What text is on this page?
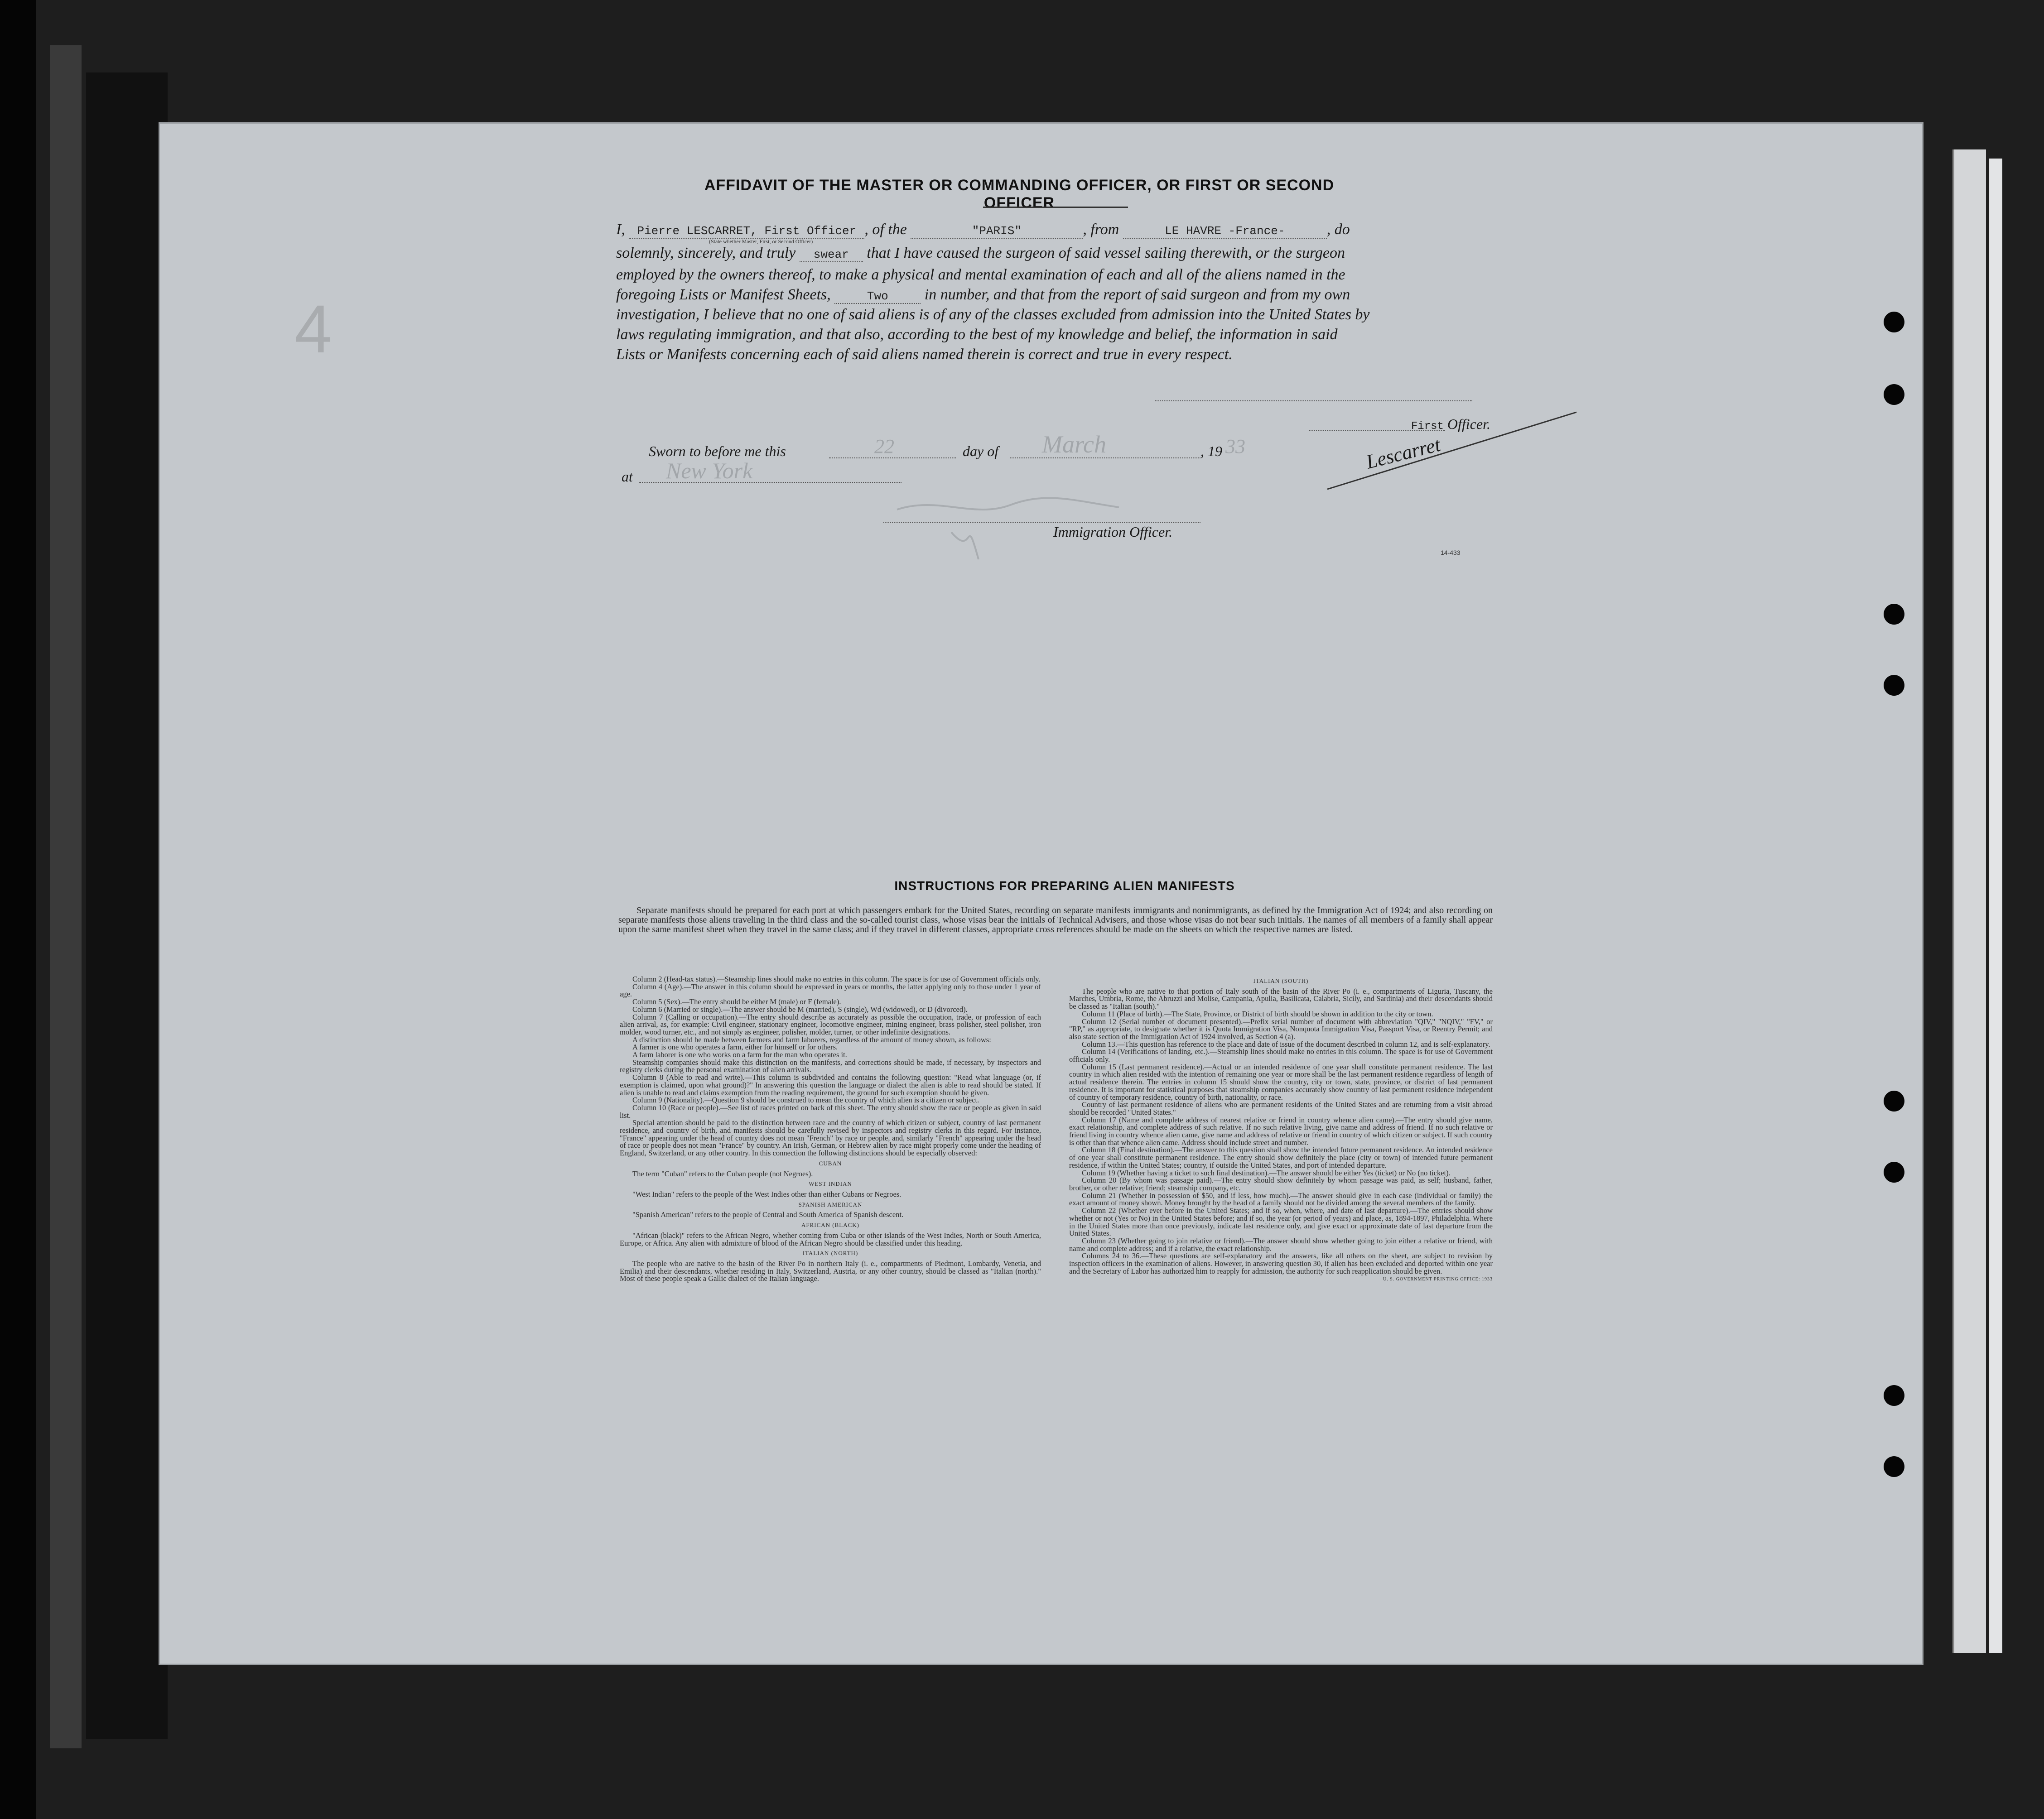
4
AFFIDAVIT OF THE MASTER OR COMMANDING OFFICER, OR FIRST OR SECOND OFFICER
I, Pierre LESCARRET, First Officer , of the	"PARIS"	, from	LE HAVRE -France-	, do
(State whether Master, First, or Second Officer)
solemnly, sincerely, and truly swear that I have caused the surgeon of said vessel sailing therewith, or the surgeon
employed by the owners thereof, to make a physical and mental examination of each and all of the aliens named in the
foregoing Lists or Manifest Sheets,	Two in number, and that from the report of said surgeon and from my own
investigation, I believe that no one of said aliens is of any of the classes excluded from admission into the United States by
laws regulating immigration, and that also, according to the best of my knowledge and belief, the information in said
Lists or Manifests concerning each of said aliens named therein is correct and true in every respect.
First Officer.
Lescarret
Sworn to before me this	22	day of March	, 19 33
at New York
Immigration Officer.
14-433
INSTRUCTIONS FOR PREPARING ALIEN MANIFESTS
Separate manifests should be prepared for each port at which passengers embark for the United States, recording on separate manifests immigrants and nonimmigrants, as defined by the Immigration Act of 1924; and also recording on separate manifests those aliens traveling in the third class and the so-called tourist class, whose visas bear the initials of Technical Advisers, and those whose visas do not bear such initials. The names of all members of a family shall appear upon the same manifest sheet when they travel in the same class; and if they travel in different classes, appropriate cross references should be made on the sheets on which the respective names are listed.

Column 2 (Head-tax status).—Steamship lines should make no entries in this column. The space is for use of Government officials only.

Column 4 (Age).—The answer in this column should be expressed in years or months, the latter applying only to those under 1 year of age.

Column 5 (Sex).—The entry should be either M (male) or F (female).

Column 6 (Married or single).—The answer should be M (married), S (single), Wd (widowed), or D (divorced).

Column 7 (Calling or occupation).—The entry should describe as accurately as possible the occupation, trade, or profession of each alien arrival, as, for example: Civil engineer, stationary engineer, locomotive engineer, mining engineer, brass polisher, steel polisher, iron molder, wood turner, etc., and not simply as engineer, polisher, molder, turner, or other indefinite designations.

A distinction should be made between farmers and farm laborers, regardless of the amount of money shown, as follows:

A farmer is one who operates a farm, either for himself or for others.

A farm laborer is one who works on a farm for the man who operates it.

Steamship companies should make this distinction on the manifests, and corrections should be made, if necessary, by inspectors and registry clerks during the personal examination of alien arrivals.

Column 8 (Able to read and write).—This column is subdivided and contains the following question: "Read what language (or, if exemption is claimed, upon what ground)?" In answering this question the language or dialect the alien is able to read should be stated. If alien is unable to read and claims exemption from the reading requirement, the ground for such exemption should be given.

Column 9 (Nationality).—Question 9 should be construed to mean the country of which alien is a citizen or subject.

Column 10 (Race or people).—See list of races printed on back of this sheet. The entry should show the race or people as given in said list.

Special attention should be paid to the distinction between race and the country of which citizen or subject, country of last permanent residence, and country of birth, and manifests should be carefully revised by inspectors and registry clerks in this regard. For instance, "France" appearing under the head of country does not mean "French" by race or people, and, similarly "French" appearing under the head of race or people does not mean "France" by country. An Irish, German, or Hebrew alien by race might properly come under the heading of England, Switzerland, or any other country. In this connection the following distinctions should be especially observed:

CUBAN

The term "Cuban" refers to the Cuban people (not Negroes).

WEST INDIAN

"West Indian" refers to the people of the West Indies other than either Cubans or Negroes.

SPANISH AMERICAN

"Spanish American" refers to the people of Central and South America of Spanish descent.

AFRICAN (BLACK)

"African (black)" refers to the African Negro, whether coming from Cuba or other islands of the West Indies, North or South America, Europe, or Africa. Any alien with admixture of blood of the African Negro should be classified under this heading.

ITALIAN (NORTH)

The people who are native to the basin of the River Po in northern Italy (i. e., compartments of Piedmont, Lombardy, Venetia, and Emilia) and their descendants, whether residing in Italy, Switzerland, Austria, or any other country, should be classed as "Italian (north)." Most of these people speak a Gallic dialect of the Italian language.

ITALIAN (SOUTH)

The people who are native to that portion of Italy south of the basin of the River Po (i. e., compartments of Liguria, Tuscany, the Marches, Umbria, Rome, the Abruzzi and Molise, Campania, Apulia, Basilicata, Calabria, Sicily, and Sardinia) and their descendants should be classed as "Italian (south)."

Column 11 (Place of birth).—The State, Province, or District of birth should be shown in addition to the city or town.

Column 12 (Serial number of document presented).—Prefix serial number of document with abbreviation "QIV," "NQIV," "FV," or "RP," as appropriate, to designate whether it is Quota Immigration Visa, Nonquota Immigration Visa, Passport Visa, or Reentry Permit; and also state section of the Immigration Act of 1924 involved, as Section 4 (a).

Column 13.—This question has reference to the place and date of issue of the document described in column 12, and is self-explanatory.

Column 14 (Verifications of landing, etc.).—Steamship lines should make no entries in this column. The space is for use of Government officials only.

Column 15 (Last permanent residence).—Actual or an intended residence of one year shall constitute permanent residence. The last country in which alien resided with the intention of remaining one year or more shall be the last permanent residence regardless of length of actual residence therein. The entries in column 15 should show the country, city or town, state, province, or district of last permanent residence. It is important for statistical purposes that steamship companies accurately show country of last permanent residence independent of country of temporary residence, country of birth, nationality, or race.

Country of last permanent residence of aliens who are permanent residents of the United States and are returning from a visit abroad should be recorded "United States."

Column 17 (Name and complete address of nearest relative or friend in country whence alien came).—The entry should give name, exact relationship, and complete address of such relative. If no such relative living, give name and address of friend. If no such relative or friend living in country whence alien came, give name and address of relative or friend in country of which citizen or subject. If such country is other than that whence alien came. Address should include street and number.

Column 18 (Final destination).—The answer to this question shall show the intended future permanent residence. An intended residence of one year shall constitute permanent residence. The entry should show definitely the place (city or town) of intended future permanent residence, if within the United States; country, if outside the United States, and port of intended departure.

Column 19 (Whether having a ticket to such final destination).—The answer should be either Yes (ticket) or No (no ticket).

Column 20 (By whom was passage paid).—The entry should show definitely by whom passage was paid, as self; husband, father, brother, or other relative; friend; steamship company, etc.

Column 21 (Whether in possession of $50, and if less, how much).—The answer should give in each case (individual or family) the exact amount of money shown. Money brought by the head of a family should not be divided among the several members of the family.

Column 22 (Whether ever before in the United States; and if so, when, where, and date of last departure).—The entries should show whether or not (Yes or No) in the United States before; and if so, the year (or period of years) and place, as, 1894-1897, Philadelphia. Where in the United States more than once previously, indicate last residence only, and give exact or approximate date of last departure from the United States.

Column 23 (Whether going to join relative or friend).—The answer should show whether going to join either a relative or friend, with name and complete address; and if a relative, the exact relationship.

Columns 24 to 36.—These questions are self-explanatory and the answers, like all others on the sheet, are subject to revision by inspection officers in the examination of aliens. However, in answering question 30, if alien has been excluded and deported within one year and the Secretary of Labor has authorized him to reapply for admission, the authority for such reapplication should be given.

U. S. GOVERNMENT PRINTING OFFICE: 1933
